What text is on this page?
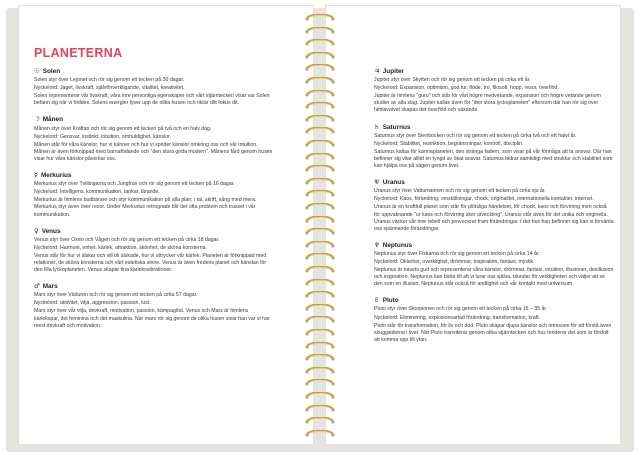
PLANETERNA
☉ Solen

Solen styr över Lejonet och rör sig genom ett tecken på 30 dagar.

Nyckelord: Jaget, livskraft, självförverkligande, vitalitet, kreativitet.

Solen representerar vår livskraft, våra inre personliga egenskaper och vårt stjärntecken visar var Solen befann sig när vi föddes. Solens energier lyser upp de olika husen och riktar ditt fokus dit.

☽ Månen

Månen styr över Kräftan och rör sig genom ett tecken på två och en halv dag.

Nyckelord: Gensvar, instinkt, intuition, omhuldighet, känslor.

Månen står för våra känslor, hur vi känner och hur vi sprider känslor omkring oss och vår intuition. Månen är även förknippad med barnafödande och "den stora goda modern". Månens fård genom husen visar hur våra känslor påverkar oss.

☿ Merkurius

Merkurius styr över Tvillingarna och Jungfrun och rör sig genom ett tecken på 16 dagar.

Nyckelord: Intelligens, kommunikation, tankar, lärande.

Merkurius är himlens budbärare och styr kommunikation på alla plan; i tal, skrift, sång med mera. Merkurius styr även över resor. Under Merkurius retrograde blir det ofta problem och trassel i vår kommunikation.

♀ Venus

Venus styr över Oxen och Vågen och rör sig genom ett tecken på cirka 18 dagar.

Nyckelord: Harmoni, enhet, kärlek, attraktion, skönhet, de sköna konsterna.

Venus står för hur vi älskar och vill bli älskade, hur vi uttrycker vår kärlek. Planeten är förknippad med relationer, de sköna konsterna och vårt estetiska sinne. Venus är även fredens planet och känslan för den lilla lyckoplaneten. Venus skapar fina kärleksvibrationer.

♂ Mars

Mars styr över Väduren och rör sig genom ett tecken på cirka 57 dagar.

Nyckelord: aktivitet, vilja, aggression, passion, lust.

Mars styr över vår vilja, drivkraft, motivation, passion, kämpaglöd. Venus och Mars är himlens kärlekspar, det feminina och det maskulina. När mars rör sig genom de olika husen visar han var vi har mest drivkraft och motivation.

♃ Jupiter

Jupiter styr över Skytten och rör sig genom ett tecken på cirka ett år.

Nyckelord: Expansion, optimism, god tur, flöde, tro, filosofi, hopp, resor, överflöd.

Jupiter är himlens "guru" och står för vårt högre medvetande, expansion och högre vetande genom studier av alla slag. Jupiter kallas även för "den stora lyckoplaneten" eftersom där han rör sig över himlavalvet skapas det överflöd och växande.

♄ Saturnus

Saturnus styr över Stenbocken och rör sig genom ett tecken på cirka två och ett halvt år.

Nyckelord: Stabilitet, restriktion, begränsningar, kontroll, disciplin.

Saturnus kallas för karmaplaneten, den stränga fadern, som visar på vår förmåga att ta ansvar. Där han befinner sig vilar alltid en tyngd av ökat ansvar. Saturnus bidrar samtidigt med struktur och stabilitet som kan hjälpa oss på vägen genom livet.

♅ Uranus

Uranus styr över Vattumannen och rör sig genom ett tecken på cirka sju år.

Nyckelord: Kaos, förändring, omställningar, chock, originalitet, internationella kontakter, internet.

Uranus är en kraftfull planet som står för plötsliga händelser, för chock, kaos och förvirring men också för uppvaknande "ur kaos och förvirring sker utveckling". Uranus står även för det unika och originella. Uranus väcker vår inre rebell och provocerar fram förändringar. I det hus han befinner sig kan vi förvänta oss spännande förändringar.

♆ Neptunus

Neptunus styr över Fiskarna och rör sig genom ett tecken på cirka 14 år.

Nyckelord: Oklarhet, overklighet, drömmar, inspiration, fantasi, mystik.

Neptunus är havets gud och representerar våra känslor, drömmar, fantasi, intuition, illusioner, desillusion och inspiration. Neptunus kan bidra till att vi lurar oss själva, blundar för verkligheten och väljer att se den som en illusion. Neptunus står också för andlighet och vår kontakt med universum.

♇ Pluto

Pluto styr över Skorpionen och rör sig genom ett tecken på cirka 15 – 35 år.

Nyckelord: Eliminering, explosionsartad förändring, transformation, kraft.

Pluto står för transformation, för liv och död. Pluto skapar djupa känslor och intressen för att förstå även skuggsidorna i livet. När Pluto transiterar genom olika stjärntecken och hus tenderar det som är fördolt att komma upp till ytan.
